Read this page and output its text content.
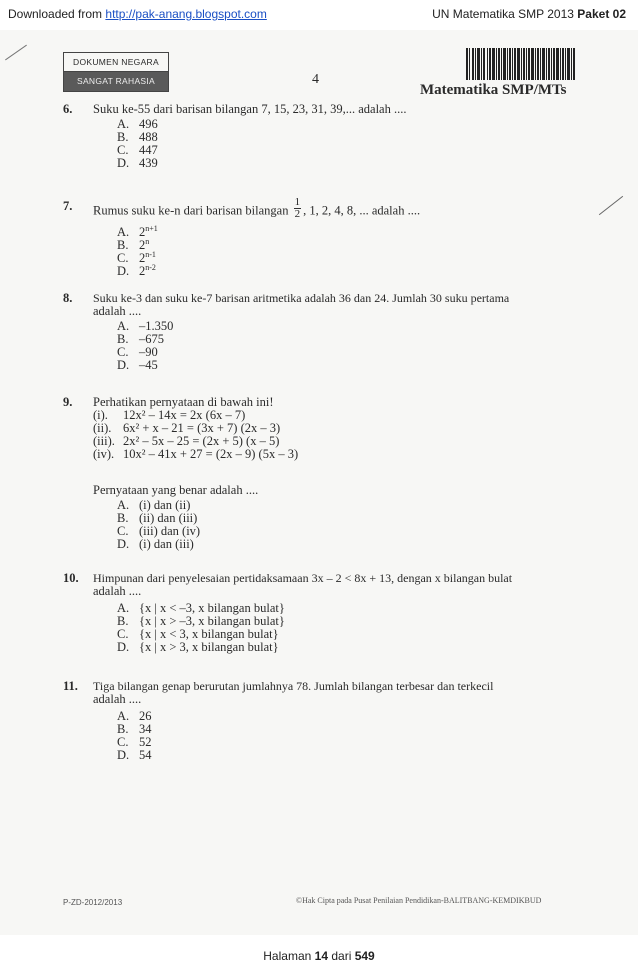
Downloaded from http://pak-anang.blogspot.com	UN Matematika SMP 2013 Paket 02
DOKUMEN NEGARA
SANGAT RAHASIA	4
Matematika SMP/MTs
6.	Suku ke-55 dari barisan bilangan 7, 15, 23, 31, 39,... adalah ....
A. 496
B. 488
C. 447
D. 439
7.	Rumus suku ke-n dari barisan bilangan $\frac{1}{2}$ , 1, 2, 4, 8, ... adalah ....
A. $2^{n+1}$
B. 2$^n$
C. 2$^{n-1}$
D. 2$^{n-2}$
8.	Suku ke-3 dan suku ke-7 barisan aritmetika adalah 36 dan 24. Jumlah 30 suku pertama
adalah ....
A. –1.350
B. –675
C. –90
D. –45
9.	Perhatikan pernyataan di bawah ini!
(i). 12x² – 14x = 2x (6x – 7)
(ii). 6x² + x – 21 = (3x + 7) (2x – 3)
(iii). 2x² – 5x – 25 = (2x + 5) (x – 5)
(iv). 10x² – 41x + 27 = (2x – 9) (5x – 3)
Pernyataan yang benar adalah ....
A. (i) dan (ii)
B. (ii) dan (iii)
C. (iii) dan (iv)
D. (i) dan (iii)
10.	Himpunan dari penyelesaian pertidaksamaan 3x – 2 < 8x + 13, dengan x bilangan bulat
adalah ....
A. {x | x < –3, x bilangan bulat}
B. {x | x > –3, x bilangan bulat}
C. {x | x < 3, x bilangan bulat}
D. {x | x > 3, x bilangan bulat}
11.	Tiga bilangan genap berurutan jumlahnya 78. Jumlah bilangan terbesar dan terkecil
adalah ....
A. 26
B. 34
C. 52
D. 54
P-ZD-2012/2013	©Hak Cipta pada Pusat Penilaian Pendidikan-BALITBANG-KEMDIKBUD
Halaman 14 dari 549
